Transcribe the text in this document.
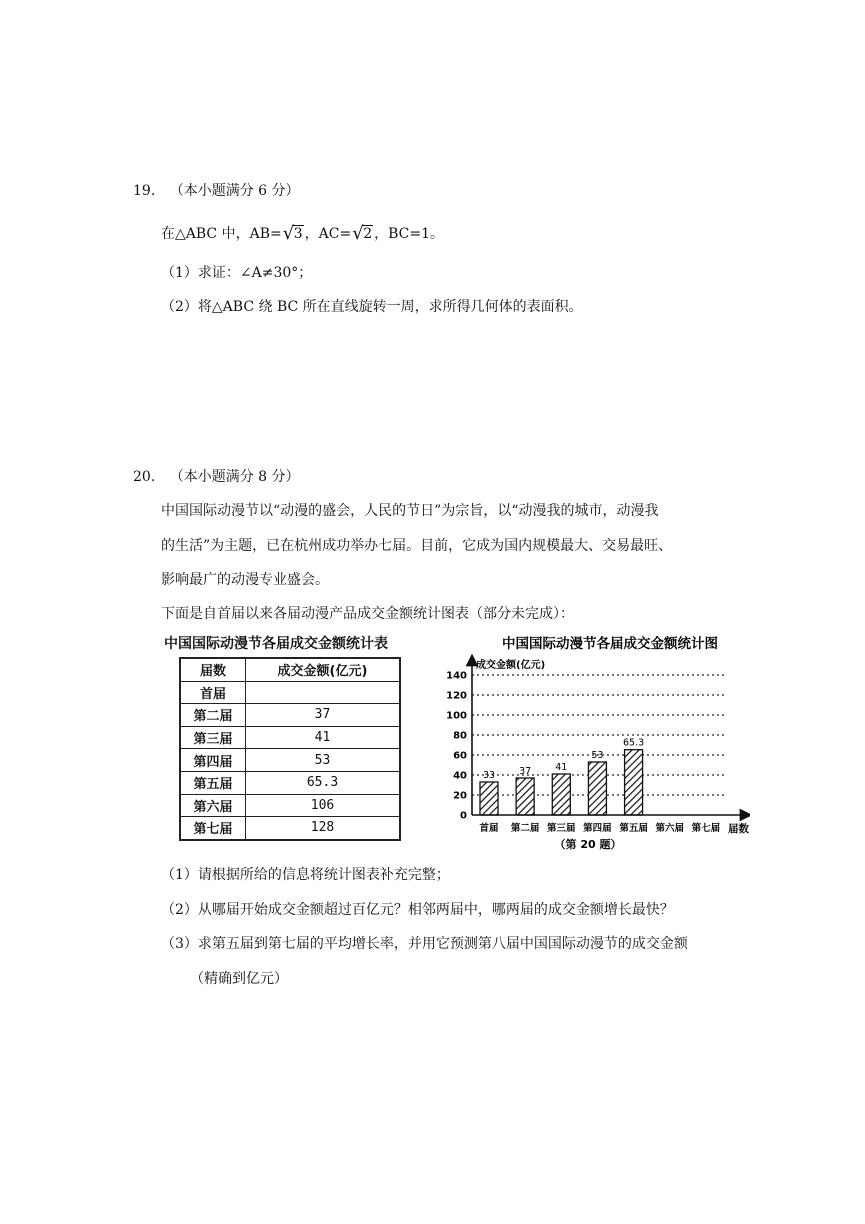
19. （本小题满分 6 分）
在△ABC 中，AB= √ 3 ，AC= √ 2 ，BC=1。
（1）求证：∠A≠30°；
（2）将△ABC 绕 BC 所在直线旋转一周，求所得几何体的表面积。
20. （本小题满分 8 分）
中国国际动漫节以“动漫的盛会，人民的节日”为宗旨，以“动漫我的城市，动漫我
的生活”为主题，已在杭州成功举办七届。目前，它成为国内规模最大、交易最旺、
影响最广的动漫专业盛会。
下面是自首届以来各届动漫产品成交金额统计图表（部分未完成）：
中国国际动漫节各届成交金额统计表
届数	成交金额(亿元)
首届	
第二届	37
第三届	41
第四届	53
第五届	65.3
第六届	106
第七届	128
中国国际动漫节各届成交金额统计图
成交金额(亿元)
届数
（第 20 题）
0
20
40
60
80
100
120
140
首届
33
第二届
37
第三届
41
第四届
53
第五届
65.3
第六届 第七届
（1）请根据所给的信息将统计图表补充完整；
（2）从哪届开始成交金额超过百亿元？相邻两届中，哪两届的成交金额增长最快？
（3）求第五届到第七届的平均增长率，并用它预测第八届中国国际动漫节的成交金额
（精确到亿元）
